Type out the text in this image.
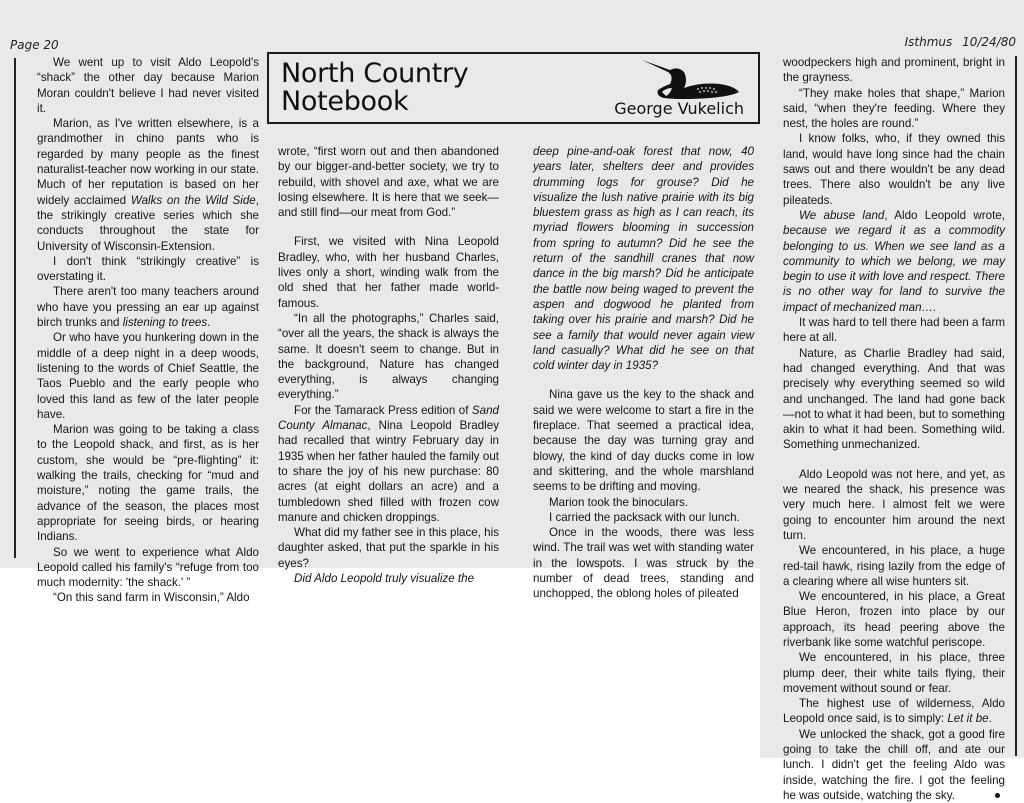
Page 20	Isthmus 10/24/80

We went up to visit Aldo Leopold's “shack” the other day because Marion Moran couldn't believe I had never visited it.

Marion, as I've written elsewhere, is a grandmother in chino pants who is regarded by many people as the finest naturalist-teacher now working in our state. Much of her reputation is based on her widely acclaimed Walks on the Wild Side, the strikingly creative series which she conducts throughout the state for University of Wisconsin-Extension.

I don't think “strikingly creative” is overstating it.

There aren't too many teachers around who have you pressing an ear up against birch trunks and listening to trees.

Or who have you hunkering down in the middle of a deep night in a deep woods, listening to the words of Chief Seattle, the Taos Pueblo and the early people who loved this land as few of the later people have.

Marion was going to be taking a class to the Leopold shack, and first, as is her custom, she would be “pre-flighting” it: walking the trails, checking for “mud and moisture,” noting the game trails, the advance of the season, the places most appropriate for seeing birds, or hearing Indians.

So we went to experience what Aldo Leopold called his family's “refuge from too much modernity: 'the shack.' ”

“On this sand farm in Wisconsin,” Aldo

North Country
Notebook	George Vukelich

wrote, “first worn out and then abandoned by our bigger-and-better society, we try to rebuild, with shovel and axe, what we are losing elsewhere. It is here that we seek—and still find—our meat from God.”

First, we visited with Nina Leopold Bradley, who, with her husband Charles, lives only a short, winding walk from the old shed that her father made world-famous.

“In all the photographs,” Charles said, “over all the years, the shack is always the same. It doesn't seem to change. But in the background, Nature has changed everything, is always changing everything.”

For the Tamarack Press edition of Sand County Almanac, Nina Leopold Bradley had recalled that wintry February day in 1935 when her father hauled the family out to share the joy of his new purchase: 80 acres (at eight dollars an acre) and a tumbledown shed filled with frozen cow manure and chicken droppings.

What did my father see in this place, his daughter asked, that put the sparkle in his eyes?

Did Aldo Leopold truly visualize the

deep pine-and-oak forest that now, 40 years later, shelters deer and provides drumming logs for grouse? Did he visualize the lush native prairie with its big bluestem grass as high as I can reach, its myriad flowers blooming in succession from spring to autumn? Did he see the return of the sandhill cranes that now dance in the big marsh? Did he anticipate the battle now being waged to prevent the aspen and dogwood he planted from taking over his prairie and marsh? Did he see a family that would never again view land casually? What did he see on that cold winter day in 1935?

Nina gave us the key to the shack and said we were welcome to start a fire in the fireplace. That seemed a practical idea, because the day was turning gray and blowy, the kind of day ducks come in low and skittering, and the whole marshland seems to be drifting and moving.

Marion took the binoculars.

I carried the packsack with our lunch.

Once in the woods, there was less wind. The trail was wet with standing water in the lowspots. I was struck by the number of dead trees, standing and unchopped, the oblong holes of pileated

woodpeckers high and prominent, bright in the grayness.

“They make holes that shape,” Marion said, “when they're feeding. Where they nest, the holes are round.”

I know folks, who, if they owned this land, would have long since had the chain saws out and there wouldn't be any dead trees. There also wouldn't be any live pileateds.

We abuse land, Aldo Leopold wrote, because we regard it as a commodity belonging to us. When we see land as a community to which we belong, we may begin to use it with love and respect. There is no other way for land to survive the impact of mechanized man….

It was hard to tell there had been a farm here at all.

Nature, as Charlie Bradley had said, had changed everything. And that was precisely why everything seemed so wild and unchanged. The land had gone back—not to what it had been, but to something akin to what it had been. Something wild. Something unmechanized.

Aldo Leopold was not here, and yet, as we neared the shack, his presence was very much here. I almost felt we were going to encounter him around the next turn.

We encountered, in his place, a huge red-tail hawk, rising lazily from the edge of a clearing where all wise hunters sit.

We encountered, in his place, a Great Blue Heron, frozen into place by our approach, its head peering above the riverbank like some watchful periscope.

We encountered, in his place, three plump deer, their white tails flying, their movement without sound or fear.

The highest use of wilderness, Aldo Leopold once said, is to simply: Let it be.

We unlocked the shack, got a good fire going to take the chill off, and ate our lunch. I didn't get the feeling Aldo was inside, watching the fire. I got the feeling he was outside, watching the sky.
